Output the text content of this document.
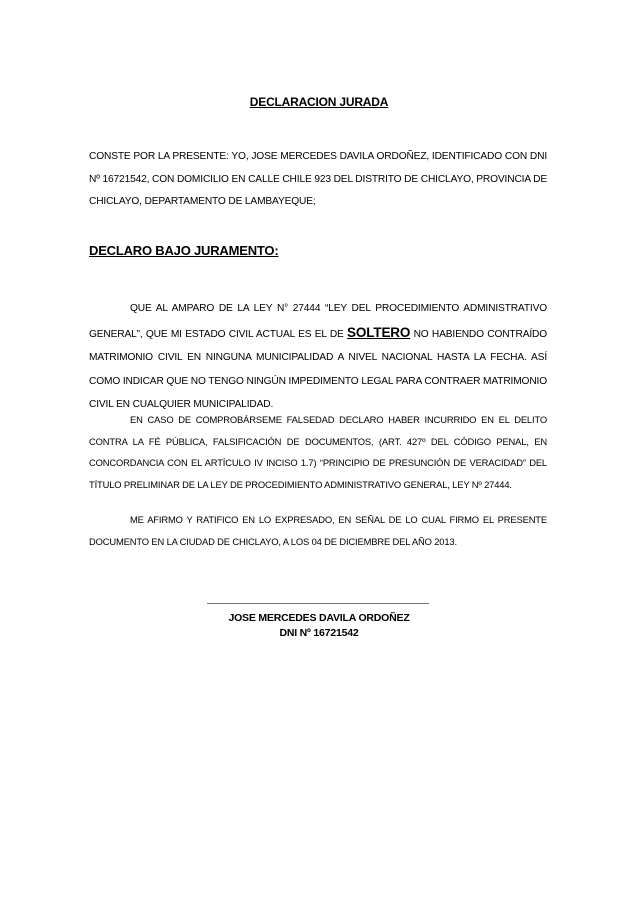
DECLARACION JURADA
CONSTE POR LA PRESENTE: YO, JOSE MERCEDES DAVILA ORDOÑEZ, IDENTIFICADO CON DNI Nº 16721542, CON DOMICILIO EN CALLE CHILE 923 DEL DISTRITO DE CHICLAYO, PROVINCIA DE CHICLAYO, DEPARTAMENTO DE LAMBAYEQUE;
DECLARO BAJO JURAMENTO:
QUE AL AMPARO DE LA LEY N° 27444 “LEY DEL PROCEDIMIENTO ADMINISTRATIVO GENERAL”, QUE MI ESTADO CIVIL ACTUAL ES EL DE SOLTERO NO HABIENDO CONTRAÍDO MATRIMONIO CIVIL EN NINGUNA MUNICIPALIDAD A NIVEL NACIONAL HASTA LA FECHA. ASÍ COMO INDICAR QUE NO TENGO NINGÚN IMPEDIMENTO LEGAL PARA CONTRAER MATRIMONIO CIVIL EN CUALQUIER MUNICIPALIDAD.
EN CASO DE COMPROBÁRSEME FALSEDAD DECLARO HABER INCURRIDO EN EL DELITO CONTRA LA FÉ PÚBLICA, FALSIFICACIÓN DE DOCUMENTOS, (ART. 427º DEL CÓDIGO PENAL, EN CONCORDANCIA CON EL ARTÍCULO IV INCISO 1.7) “PRINCIPIO DE PRESUNCIÓN DE VERACIDAD” DEL TÍTULO PRELIMINAR DE LA LEY DE PROCEDIMIENTO ADMINISTRATIVO GENERAL, LEY Nº 27444.
ME AFIRMO Y RATIFICO EN LO EXPRESADO, EN SEÑAL DE LO CUAL FIRMO EL PRESENTE DOCUMENTO EN LA CIUDAD DE CHICLAYO, A LOS 04 DE DICIEMBRE DEL AÑO 2013.
JOSE MERCEDES DAVILA ORDOÑEZ
DNI Nº 16721542
